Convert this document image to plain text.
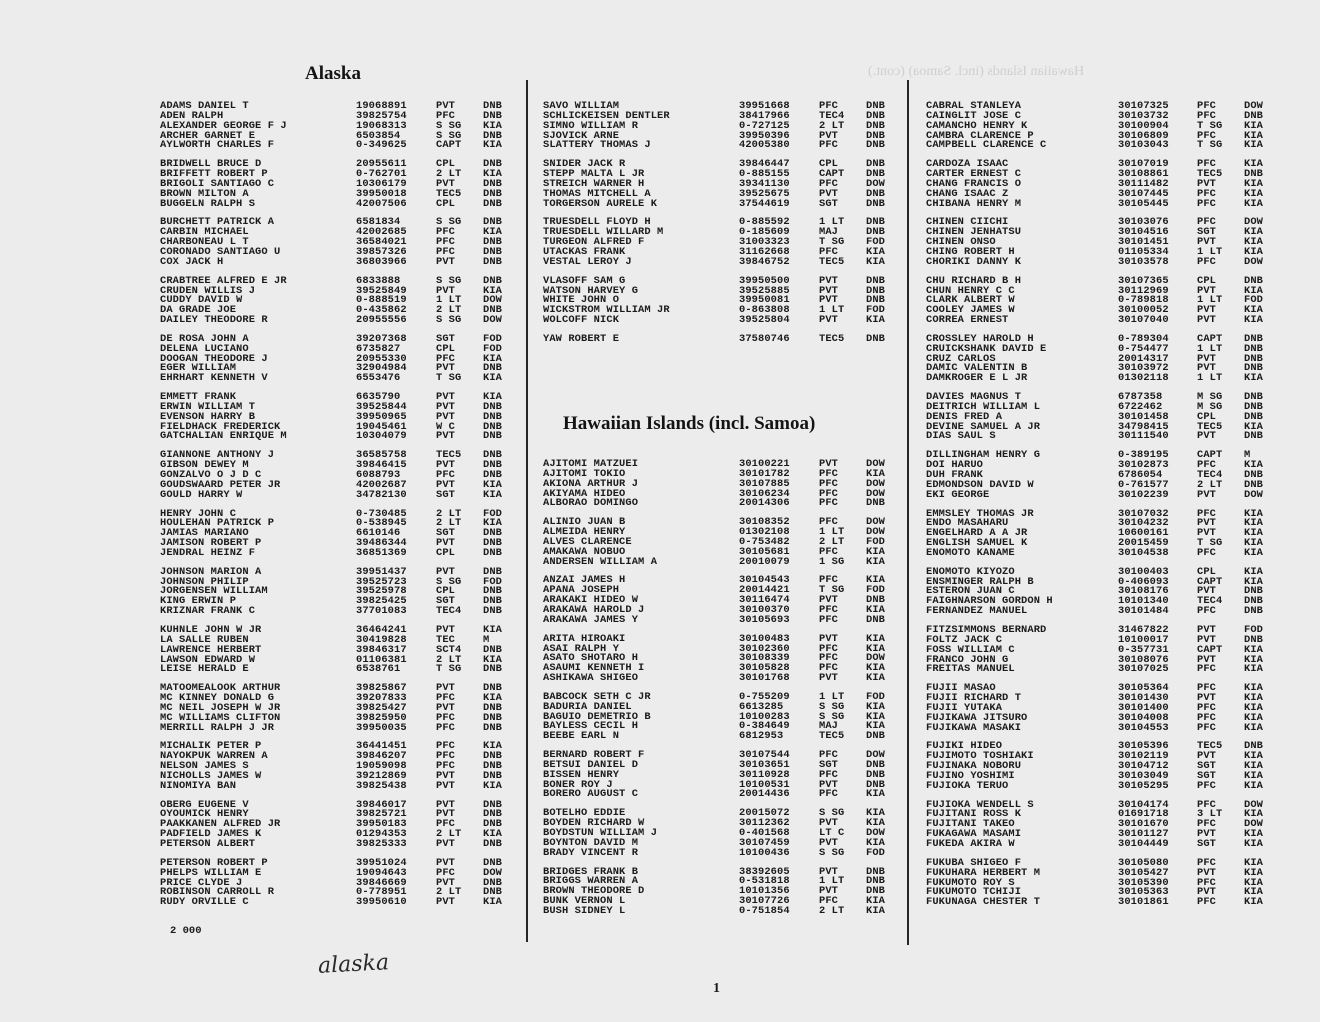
Hawaiian Islands (incl. Samoa) (cont.)
Alaska
Hawaiian Islands (incl. Samoa)
ADAMS DANIEL T	19068891	PVT	DNB
ADEN RALPH	39825754	PFC	DNB
ALEXANDER GEORGE F J	19068313	S SG KIA
ARCHER GARNET E	6503854	S SG DNB
AYLWORTH CHARLES F	0-349625	CAPT KIA
BRIDWELL BRUCE D	20955611	CPL	DNB
BRIFFETT ROBERT P	0-762701	2 LT KIA
BRIGOLI SANTIAGO C	10306179	PVT	DNB
BROWN MILTON A	39950018	TEC5 DNB
BUGGELN RALPH S	42007506	CPL	DNB
BURCHETT PATRICK A	6581834	S SG DNB
CARBIN MICHAEL	42002685	PFC	KIA
CHARBONEAU L T	36584021	PFC	DNB
CORONADO SANTIAGO U	39857326	PFC	DNB
COX JACK H	36803966	PVT	DNB
CRABTREE ALFRED E JR	6833888	S SG DNB
CRUDEN WILLIS J	39525849	PVT	KIA
CUDDY DAVID W	0-888519	1 LT DOW
DA GRADE JOE	0-435862	2 LT DNB
DAILEY THEODORE R	20955556	S SG DOW
DE ROSA JOHN A	39207368	SGT	FOD
DELENA LUCIANO	6735827	CPL	FOD
DOOGAN THEODORE J	20955330	PFC	KIA
EGER WILLIAM	32904984	PVT	DNB
EHRHART KENNETH V	6553476	T SG KIA
EMMETT FRANK	6635790	PVT	KIA
ERWIN WILLIAM T	39525844	PVT	DNB
EVENSON HARRY B	39950965	PVT	DNB
FIELDHACK FREDERICK	19045461	W C	DNB
GATCHALIAN ENRIQUE M	10304079	PVT	DNB
GIANNONE ANTHONY J	36585758	TEC5 DNB
GIBSON DEWEY M	39846415	PVT	DNB
GONZALVO O J D C	6088793	PFC	DNB
GOUDSWAARD PETER JR	42002687	PVT	KIA
GOULD HARRY W	34782130	SGT	KIA
HENRY JOHN C	0-730485	2 LT FOD
HOULEHAN PATRICK P	0-538945	2 LT KIA
JAMIAS MARIANO	6610146	SGT	DNB
JAMISON ROBERT P	39486344	PVT	DNB
JENDRAL HEINZ F	36851369	CPL	DNB
JOHNSON MARION A	39951437	PVT	DNB
JOHNSON PHILIP	39525723	S SG FOD
JORGENSEN WILLIAM	39525978	CPL	DNB
KING ERWIN P	39825425	SGT	DNB
KRIZNAR FRANK C	37701083	TEC4 DNB
KUHNLE JOHN W JR	36464241	PVT	KIA
LA SALLE RUBEN	30419828	TEC	M
LAWRENCE HERBERT	39846317	SCT4 DNB
LAWSON EDWARD W	01106381	2 LT KIA
LEISE HERALD E	6538761	T SG DNB
MATOOMEALOOK ARTHUR	39825867	PVT	DNB
MC KINNEY DONALD G	39207833	PFC	KIA
MC NEIL JOSEPH W JR	39825427	PVT	DNB
MC WILLIAMS CLIFTON	39825950	PFC	DNB
MERRILL RALPH J JR	39950035	PFC	DNB
MICHALIK PETER P	36441451	PFC	KIA
NAYOKPUK WARREN A	39846207	PFC	DNB
NELSON JAMES S	19059098	PFC	DNB
NICHOLLS JAMES W	39212869	PVT	DNB
NINOMIYA BAN	39825438	PVT	KIA
OBERG EUGENE V	39846017	PVT	DNB
OYOUMICK HENRY	39825721	PVT	DNB
PAAKKANEN ALFRED JR	39950183	PFC	DNB
PADFIELD JAMES K	01294353	2 LT KIA
PETERSON ALBERT	39825333	PVT	DNB
PETERSON ROBERT P	39951024	PVT	DNB
PHELPS WILLIAM E	19094643	PFC	DOW
PRICE CLYDE J	39846669	PVT	DNB
ROBINSON CARROLL R	0-778951	2 LT DNB
RUDY ORVILLE C	39950610	PVT	KIA
SAVO WILLIAM	39951668	PFC	DNB
SCHLICKEISEN DENTLER	38417966	TEC4 DNB
SIMNO WILLIAM R	0-727125	2 LT DNB
SJOVICK ARNE	39950396	PVT	DNB
SLATTERY THOMAS J	42005380	PFC	DNB
SNIDER JACK R	39846447	CPL	DNB
STEPP MALTA L JR	0-885155	CAPT DNB
STREICH WARNER H	39341130	PFC	DOW
THOMAS MITCHELL A	39525675	PVT	DNB
TORGERSON AURELE K	37544619	SGT	DNB
TRUESDELL FLOYD H	0-885592	1 LT DNB
TRUESDELL WILLARD M	0-185609	MAJ	DNB
TURGEON ALFRED F	31003323	T SG FOD
UTACKAS FRANK	31162668	PFC	KIA
VESTAL LEROY J	39846752	TEC5 KIA
VLASOFF SAM G	39950500	PVT	DNB
WATSON HARVEY G	39525885	PVT	DNB
WHITE JOHN O	39950081	PVT	DNB
WICKSTROM WILLIAM JR	0-863808	1 LT FOD
WOLCOFF NICK	39525804	PVT	KIA
YAW ROBERT E	37580746	TEC5 DNB
AJITOMI MATZUEI	30100221	PVT	DOW
AJITOMI TOKIO	30101782	PFC	KIA
AKIONA ARTHUR J	30107885	PFC	DOW
AKIYAMA HIDEO	30106234	PFC	DOW
ALBORAO DOMINGO	20014306	PFC	DNB
ALINIO JUAN B	30108352	PFC	DOW
ALMEIDA HENRY	01302108	1 LT DOW
ALVES CLARENCE	0-753482	2 LT FOD
AMAKAWA NOBUO	30105681	PFC	KIA
ANDERSEN WILLIAM A	20010079	1 SG KIA
ANZAI JAMES H	30104543	PFC	KIA
APANA JOSEPH	20014421	T SG FOD
ARAKAKI HIDEO W	30116474	PVT	DNB
ARAKAWA HAROLD J	30100370	PFC	KIA
ARAKAWA JAMES Y	30105693	PFC	DNB
ARITA HIROAKI	30100483	PVT	KIA
ASAI RALPH Y	30102360	PFC	KIA
ASATO SHOTARO H	30108339	PFC	DOW
ASAUMI KENNETH I	30105828	PFC	KIA
ASHIKAWA SHIGEO	30101768	PVT	KIA
BABCOCK SETH C JR	0-755209	1 LT FOD
BADURIA DANIEL	6613285	S SG KIA
BAGUIO DEMETRIO B	10100283	S SG KIA
BAYLESS CECIL H	0-384649	MAJ	KIA
BEEBE EARL N	6812953	TEC5 DNB
BERNARD ROBERT F	30107544	PFC	DOW
BETSUI DANIEL D	30103651	SGT	DNB
BISSEN HENRY	30110928	PFC	DNB
BONER ROY J	10100531	PVT	DNB
BORERO AUGUST C	20014436	PFC	KIA
BOTELHO EDDIE	20015072	S SG KIA
BOYDEN RICHARD W	30112362	PVT	KIA
BOYDSTUN WILLIAM J	0-401568	LT C DOW
BOYNTON DAVID M	30107459	PVT	KIA
BRADY VINCENT R	10100436	S SG FOD
BRIDGES FRANK B	38392605	PVT	DNB
BRIGGS WARREN A	0-531818	1 LT DNB
BROWN THEODORE D	10101356	PVT	DNB
BUNK VERNON L	30107726	PFC	KIA
BUSH SIDNEY L	0-751854	2 LT KIA
CABRAL STANLEYA	30107325	PFC	DOW
CAINGLIT JOSE C	30103732	PFC	DNB
CAMANCHO HENRY K	30100904	T SG KIA
CAMBRA CLARENCE P	30106809	PFC	KIA
CAMPBELL CLARENCE C	30103043	T SG KIA
CARDOZA ISAAC	30107019	PFC	KIA
CARTER ERNEST C	30108861	TEC5 DNB
CHANG FRANCIS O	30111482	PVT	KIA
CHANG ISAAC Z	30107445	PFC	KIA
CHIBANA HENRY M	30105445	PFC	KIA
CHINEN CIICHI	30103076	PFC	DOW
CHINEN JENHATSU	30104516	SGT	KIA
CHINEN ONSO	30101451	PVT	KIA
CHING ROBERT H	01105334	1 LT KIA
CHORIKI DANNY K	30103578	PFC	DOW
CHU RICHARD B H	30107365	CPL	DNB
CHUN HENRY C C	30112969	PVT	KIA
CLARK ALBERT W	0-789818	1 LT FOD
COOLEY JAMES W	30100052	PVT	KIA
CORREA ERNEST	30107040	PVT	KIA
CROSSLEY HAROLD H	0-789304	CAPT DNB
CRUICKSHANK DAVID E	0-754477	1 LT DNB
CRUZ CARLOS	20014317	PVT	DNB
DAMIC VALENTIN B	30103972	PVT	DNB
DAMKROGER E L JR	01302118	1 LT KIA
DAVIES MAGNUS T	6787358	M SG DNB
DEITRICH WILLIAM L	6722462	M SG DNB
DENIS FRED A	30101458	CPL	DNB
DEVINE SAMUEL A JR	34798415	TEC5 KIA
DIAS SAUL S	30111540	PVT	DNB
DILLINGHAM HENRY G	0-389195	CAPT M
DOI HARUO	30102873	PFC	KIA
DUH FRANK	6786054	TEC4 DNB
EDMONDSON DAVID W	0-761577	2 LT DNB
EKI GEORGE	30102239	PVT	DOW
EMMSLEY THOMAS JR	30107032	PFC	KIA
ENDO MASAHARU	30104232	PVT	KIA
ENGELHARD A A JR	10600161	PVT	KIA
ENGLISH SAMUEL K	20015459	T SG KIA
ENOMOTO KANAME	30104538	PFC	KIA
ENOMOTO KIYOZO	30100403	CPL	KIA
ENSMINGER RALPH B	0-406093	CAPT KIA
ESTERON JUAN C	30108176	PVT	DNB
FAIGHNARSON GORDON H	10101340	TEC4 DNB
FERNANDEZ MANUEL	30101484	PFC	DNB
FITZSIMMONS BERNARD	31467822	PVT	FOD
FOLTZ JACK C	10100017	PVT	DNB
FOSS WILLIAM C	0-357731	CAPT KIA
FRANCO JOHN G	30108076	PVT	KIA
FREITAS MANUEL	30107025	PFC	KIA
FUJII MASAO	30105364	PFC	KIA
FUJII RICHARD T	30101430	PVT	KIA
FUJII YUTAKA	30101400	PFC	KIA
FUJIKAWA JITSURO	30104008	PFC	KIA
FUJIKAWA MASAKI	30104553	PFC	KIA
FUJIKI HIDEO	30105396	TEC5 DNB
FUJIMOTO TOSHIAKI	30102119	PVT	KIA
FUJINAKA NOBORU	30104712	SGT	KIA
FUJINO YOSHIMI	30103049	SGT	KIA
FUJIOKA TERUO	30105295	PFC	KIA
FUJIOKA WENDELL S	30104174	PFC	DOW
FUJITANI ROSS K	01691718	3 LT KIA
FUJITANI TAKEO	30101670	PFC	DOW
FUKAGAWA MASAMI	30101127	PVT	KIA
FUKEDA AKIRA W	30104449	SGT	KIA
FUKUBA SHIGEO F	30105080	PFC	KIA
FUKUHARA HERBERT M	30105427	PVT	KIA
FUKUMOTO ROY S	30105390	PFC	KIA
FUKUMOTO TCHIJI	30105363	PVT	KIA
FUKUNAGA CHESTER T	30101861	PFC	KIA
2 000
alaska
1
